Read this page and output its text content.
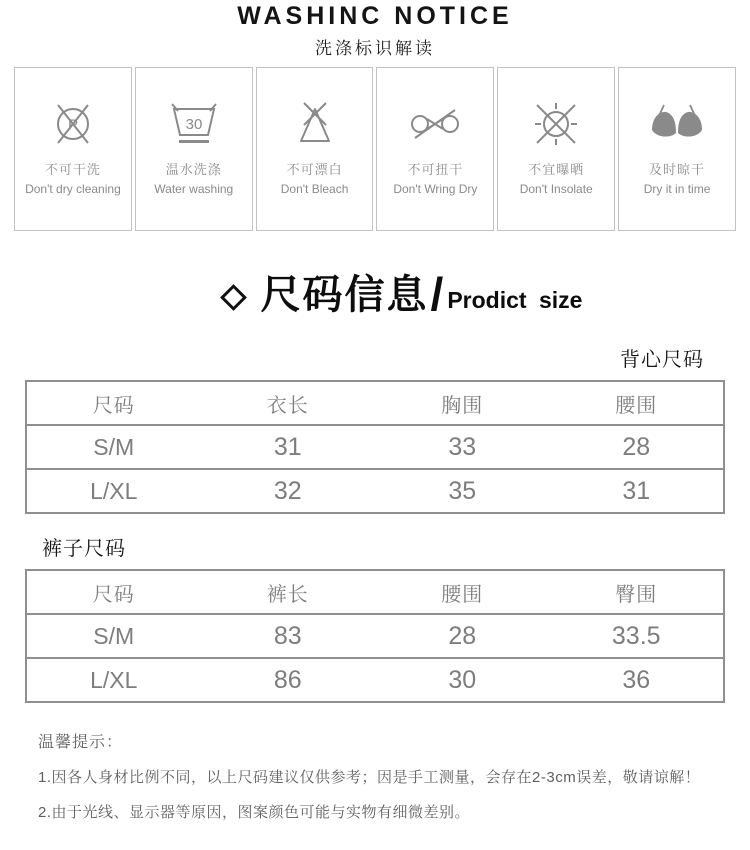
WASHINC NOTICE
洗涤标识解读
P
不可干洗
Don't dry cleaning
30
温水洗涤
Water washing
不可漂白
Don't Bleach
不可扭干
Don't Wring Dry
不宜曝晒
Don't Insolate
及时晾干
Dry it in time
尺码信息 / Prodict size
背心尺码
尺码	衣长	胸围	腰围
S/M	31	33	28
L/XL	32	35	31
裤子尺码
尺码	裤长	腰围	臀围
S/M	83	28	33.5
L/XL	86	30	36
温馨提示：
1.因各人身材比例不同，以上尺码建议仅供参考；因是手工测量，会存在2-3cm误差，敬请谅解！
2.由于光线、显示器等原因，图案颜色可能与实物有细微差别。
